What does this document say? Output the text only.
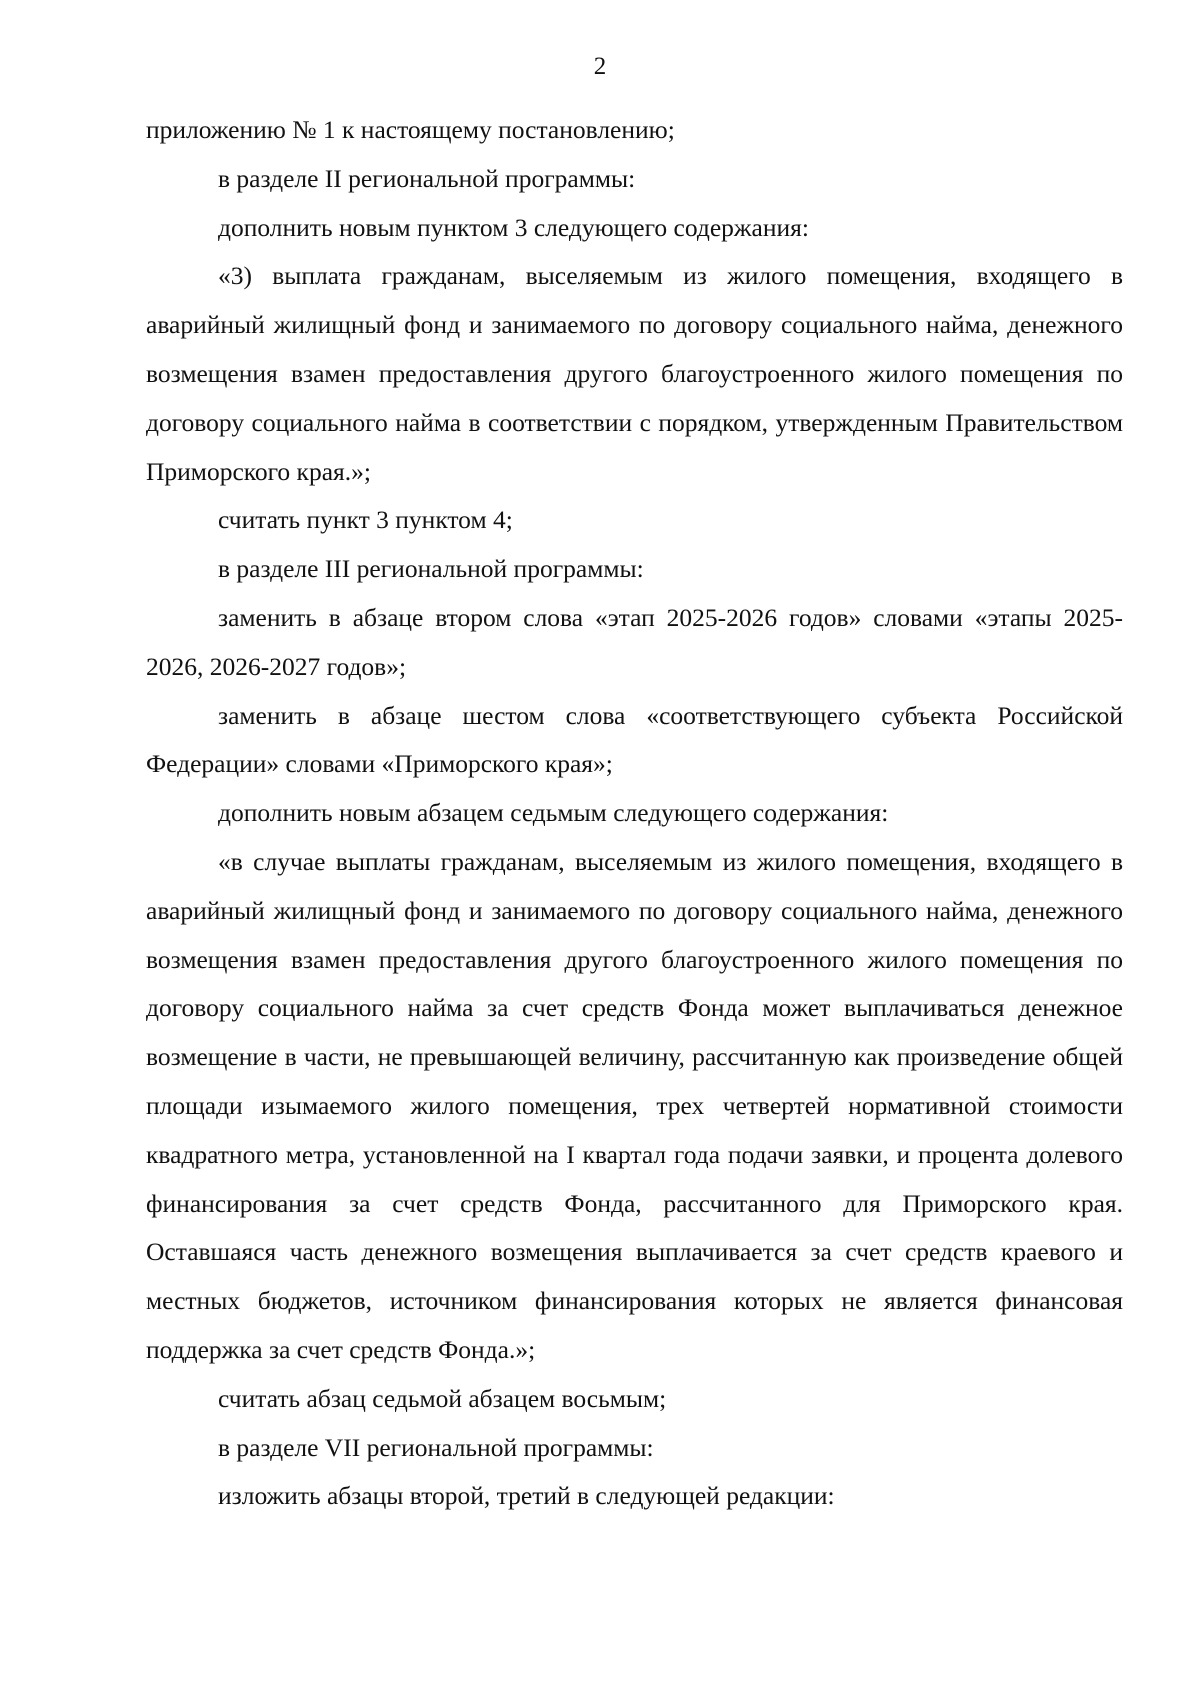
2

приложению № 1 к настоящему постановлению;

в разделе II региональной программы:

дополнить новым пунктом 3 следующего содержания:

«3) выплата гражданам, выселяемым из жилого помещения, входящего в аварийный жилищный фонд и занимаемого по договору социального найма, денежного возмещения взамен предоставления другого благоустроенного жилого помещения по договору социального найма в соответствии с порядком, утвержденным Правительством Приморского края.»;

считать пункт 3 пунктом 4;

в разделе III региональной программы:

заменить в абзаце втором слова «этап 2025-2026 годов» словами «этапы 2025-2026, 2026-2027 годов»;

заменить в абзаце шестом слова «соответствующего субъекта Российской Федерации» словами «Приморского края»;

дополнить новым абзацем седьмым следующего содержания:

«в случае выплаты гражданам, выселяемым из жилого помещения, входящего в аварийный жилищный фонд и занимаемого по договору социального найма, денежного возмещения взамен предоставления другого благоустроенного жилого помещения по договору социального найма за счет средств Фонда может выплачиваться денежное возмещение в части, не превышающей величину, рассчитанную как произведение общей площади изымаемого жилого помещения, трех четвертей нормативной стоимости квадратного метра, установленной на I квартал года подачи заявки, и процента долевого финансирования за счет средств Фонда, рассчитанного для Приморского края. Оставшаяся часть денежного возмещения выплачивается за счет средств краевого и местных бюджетов, источником финансирования которых не является финансовая поддержка за счет средств Фонда.»;

считать абзац седьмой абзацем восьмым;

в разделе VII региональной программы:

изложить абзацы второй, третий в следующей редакции:
